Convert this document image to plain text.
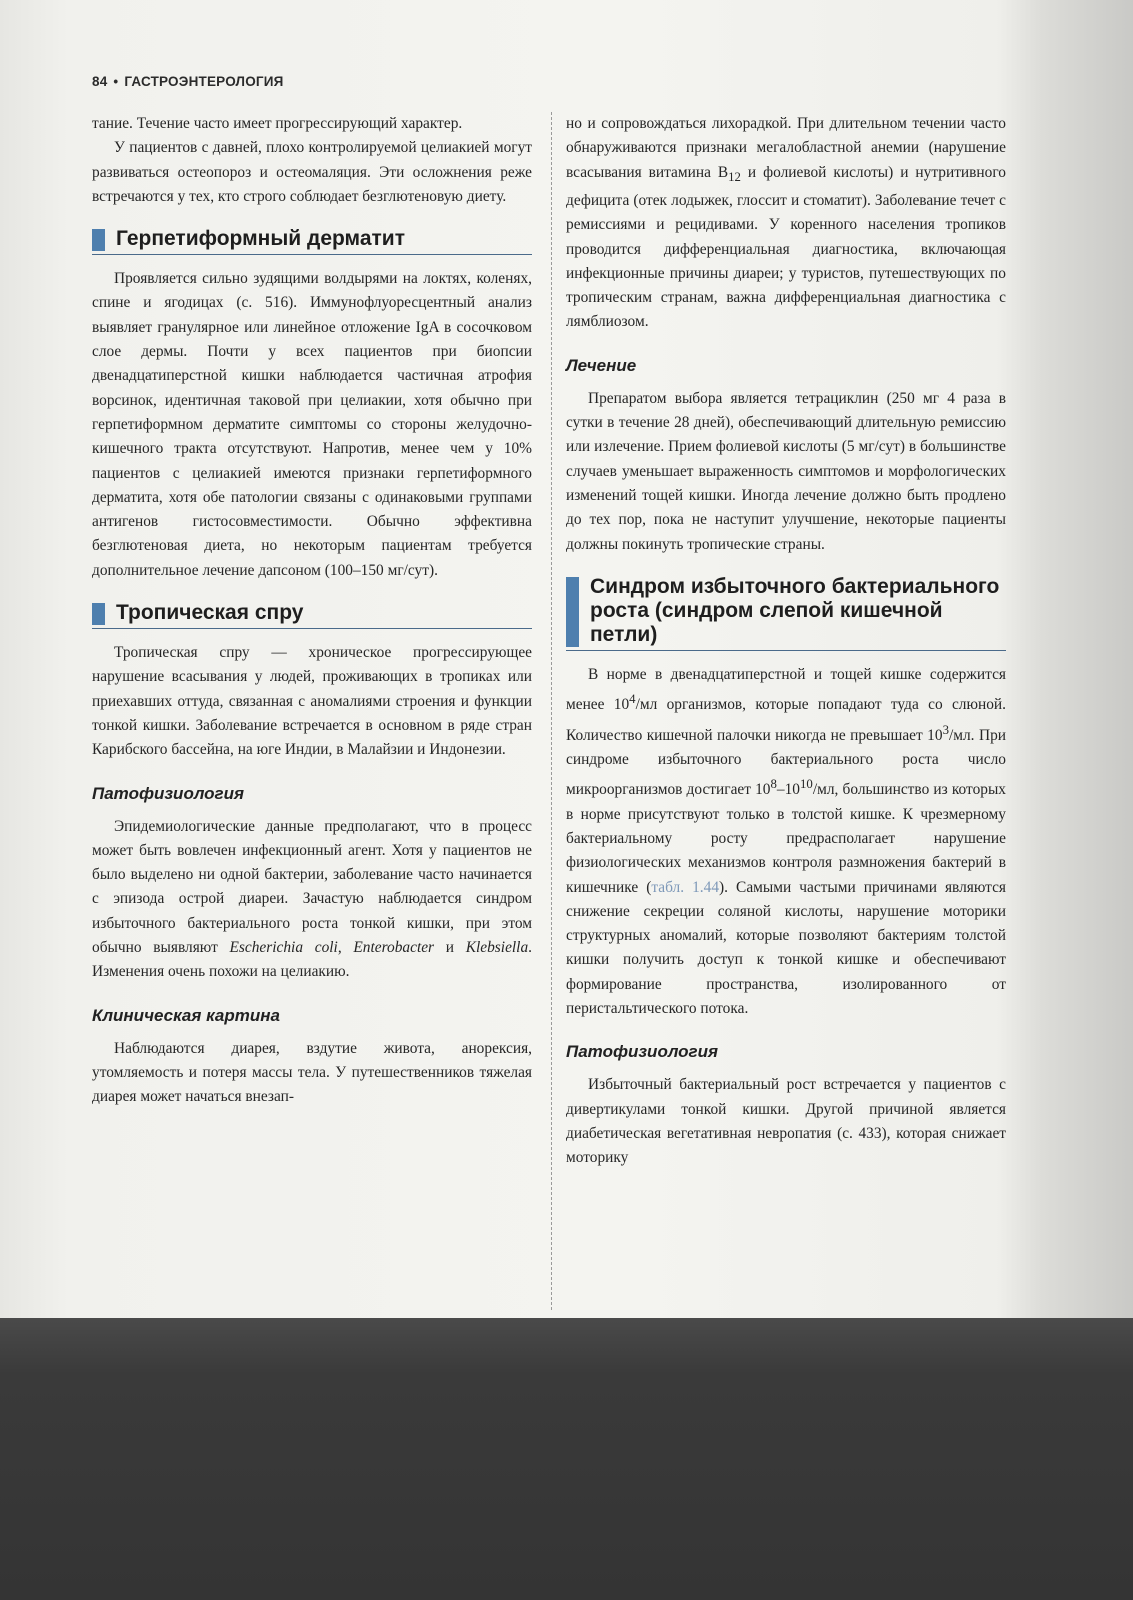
84 • ГАСТРОЭНТЕРОЛОГИЯ

тание. Течение часто имеет прогрессирующий характер.

У пациентов с давней, плохо контролируемой целиакией могут развиваться остеопороз и остеомаляция. Эти осложнения реже встречаются у тех, кто строго соблюдает безглютеновую диету.

Герпетиформный дерматит

Проявляется сильно зудящими волдырями на локтях, коленях, спине и ягодицах (с. 516). Иммунофлуоресцентный анализ выявляет гранулярное или линейное отложение IgA в сосочковом слое дермы. Почти у всех пациентов при биопсии двенадцатиперстной кишки наблюдается частичная атрофия ворсинок, идентичная таковой при целиакии, хотя обычно при герпетиформном дерматите симптомы со стороны желудочно-кишечного тракта отсутствуют. Напротив, менее чем у 10% пациентов с целиакией имеются признаки герпетиформного дерматита, хотя обе патологии связаны с одинаковыми группами антигенов гистосовместимости. Обычно эффективна безглютеновая диета, но некоторым пациентам требуется дополнительное лечение дапсоном (100–150 мг/сут).

Тропическая спру

Тропическая спру — хроническое прогрессирующее нарушение всасывания у людей, проживающих в тропиках или приехавших оттуда, связанная с аномалиями строения и функции тонкой кишки. Заболевание встречается в основном в ряде стран Карибского бассейна, на юге Индии, в Малайзии и Индонезии.

Патофизиология

Эпидемиологические данные предполагают, что в процесс может быть вовлечен инфекционный агент. Хотя у пациентов не было выделено ни одной бактерии, заболевание часто начинается с эпизода острой диареи. Зачастую наблюдается синдром избыточного бактериального роста тонкой кишки, при этом обычно выявляют Escherichia coli, Enterobacter и Klebsiella. Изменения очень похожи на целиакию.

Клиническая картина

Наблюдаются диарея, вздутие живота, анорексия, утомляемость и потеря массы тела. У путешественников тяжелая диарея может начаться внезап-

но и сопровождаться лихорадкой. При длительном течении часто обнаруживаются признаки мегалобластной анемии (нарушение всасывания витамина $B_{12}$ и фолиевой кислоты) и нутритивного дефицита (отек лодыжек, глоссит и стоматит). Заболевание течет с ремиссиями и рецидивами. У коренного населения тропиков проводится дифференциальная диагностика, включающая инфекционные причины диареи; у туристов, путешествующих по тропическим странам, важна дифференциальная диагностика с лямблиозом.

Лечение

Препаратом выбора является тетрациклин (250 мг 4 раза в сутки в течение 28 дней), обеспечивающий длительную ремиссию или излечение. Прием фолиевой кислоты (5 мг/сут) в большинстве случаев уменьшает выраженность симптомов и морфологических изменений тощей кишки. Иногда лечение должно быть продлено до тех пор, пока не наступит улучшение, некоторые пациенты должны покинуть тропические страны.

Синдром избыточного бактериального роста (синдром слепой кишечной петли)

В норме в двенадцатиперстной и тощей кишке содержится менее $10^4/мл$ организмов, которые попадают туда со слюной. Количество кишечной палочки никогда не превышает $10^3/мл$. При синдроме избыточного бактериального роста число микроорганизмов достигает $10^8-10^{10}/мл$, большинство из которых в норме присутствуют только в толстой кишке. К чрезмерному бактериальному росту предрасполагает нарушение физиологических механизмов контроля размножения бактерий в кишечнике (табл. 1.44). Самыми частыми причинами являются снижение секреции соляной кислоты, нарушение моторики структурных аномалий, которые позволяют бактериям толстой кишки получить доступ к тонкой кишке и обеспечивают формирование пространства, изолированного от перистальтического потока.

Патофизиология

Избыточный бактериальный рост встречается у пациентов с дивертикулами тонкой кишки. Другой причиной является диабетическая вегетативная невропатия (с. 433), которая снижает моторику
